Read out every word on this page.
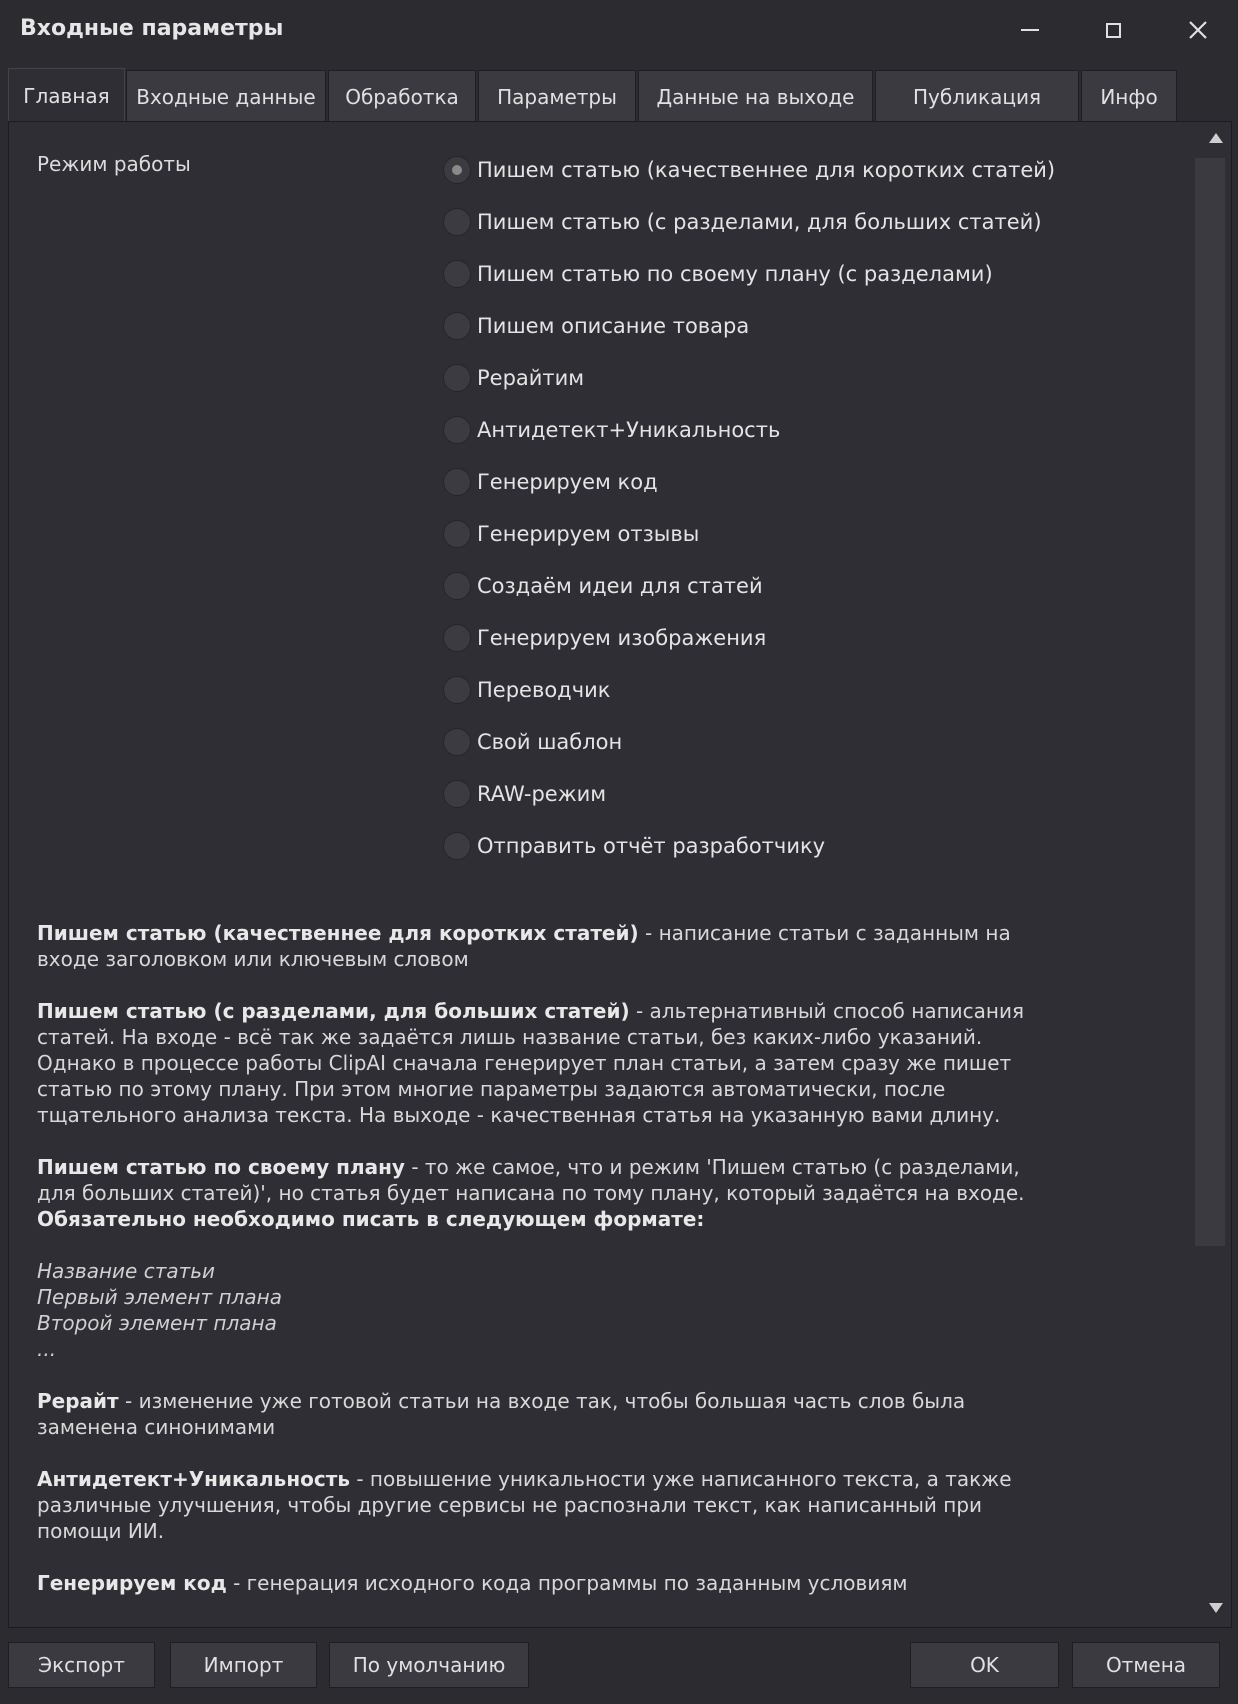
Входные параметры
Главная	Входные данные	Обработка	Параметры	Данные на выходе	Публикация	Инфо
Режим работы	Пишем статью (качественнее для коротких статей)
Пишем статью (с разделами, для больших статей)
Пишем статью по своему плану (с разделами)
Пишем описание товара
Рерайтим
Антидетект+Уникальность
Генерируем код
Генерируем отзывы
Создаём идеи для статей
Генерируем изображения
Переводчик
Свой шаблон
RAW-режим
Отправить отчёт разработчику

Пишем статью (качественнее для коротких статей) - написание статьи с заданным на входе заголовком или ключевым словом

Пишем статью (с разделами, для больших статей) - альтернативный способ написания статей. На входе - всё так же задаётся лишь название статьи, без каких-либо указаний. Однако в процессе работы ClipAI сначала генерирует план статьи, а затем сразу же пишет статью по этому плану. При этом многие параметры задаются автоматически, после тщательного анализа текста. На выходе - качественная статья на указанную вами длину.

Пишем статью по своему плану - то же самое, что и режим 'Пишем статью (с разделами, для больших статей)', но статья будет написана по тому плану, который задаётся на входе.
Обязательно необходимо писать в следующем формате:

Название статьи
Первый элемент плана
Второй элемент плана
...

Рерайт - изменение уже готовой статьи на входе так, чтобы большая часть слов была заменена синонимами

Антидетект+Уникальность - повышение уникальности уже написанного текста, а также различные улучшения, чтобы другие сервисы не распознали текст, как написанный при помощи ИИ.

Генерируем код - генерация исходного кода программы по заданным условиям

Экспорт	Импорт	По умолчанию	OK	Отмена
